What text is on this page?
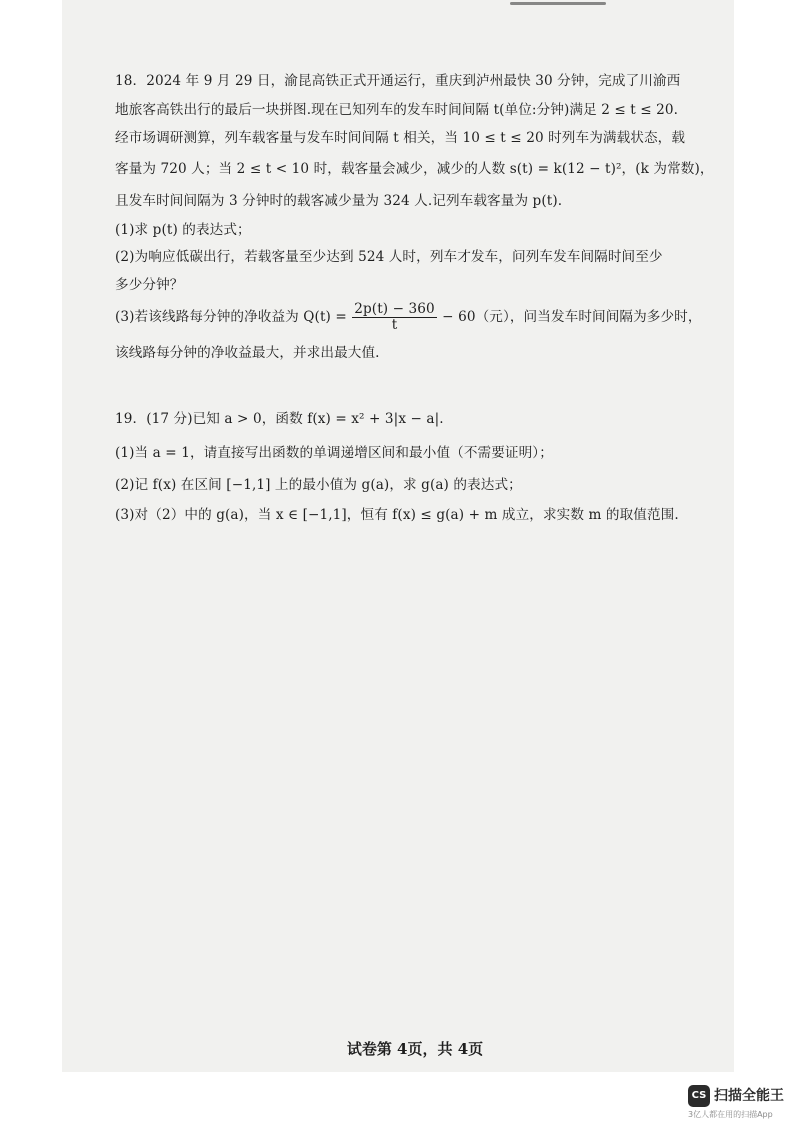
18．2024 年 9 月 29 日，渝昆高铁正式开通运行，重庆到泸州最快 30 分钟，完成了川渝西
地旅客高铁出行的最后一块拼图.现在已知列车的发车时间间隔 t(单位:分钟)满足 2 ≤ t ≤ 20.
经市场调研测算，列车载客量与发车时间间隔 t 相关，当 10 ≤ t ≤ 20 时列车为满载状态，载
客量为 720 人；当 2 ≤ t < 10 时，载客量会减少，减少的人数 s(t) = k(12 − t)²，(k 为常数)，
且发车时间间隔为 3 分钟时的载客减少量为 324 人.记列车载客量为 p(t).
(1)求 p(t) 的表达式；
(2)为响应低碳出行，若载客量至少达到 524 人时，列车才发车，问列车发车间隔时间至少
多少分钟？
(3)若该线路每分钟的净收益为 $Q(t) = \frac{2p(t) - 360}{t} - 60$（元），问当发车时间间隔为多少时，
该线路每分钟的净收益最大，并求出最大值.
19．(17 分)已知 a > 0，函数 f(x) = x² + 3|x − a|.
(1)当 a = 1，请直接写出函数的单调递增区间和最小值（不需要证明）；
(2)记 f(x) 在区间 [−1,1] 上的最小值为 g(a)，求 g(a) 的表达式；
(3)对（2）中的 g(a)，当 x ∈ [−1,1]，恒有 f(x) ≤ g(a) + m 成立，求实数 m 的取值范围.
试卷第 4页，共 4页
CS 扫描全能王
3亿人都在用的扫描App
